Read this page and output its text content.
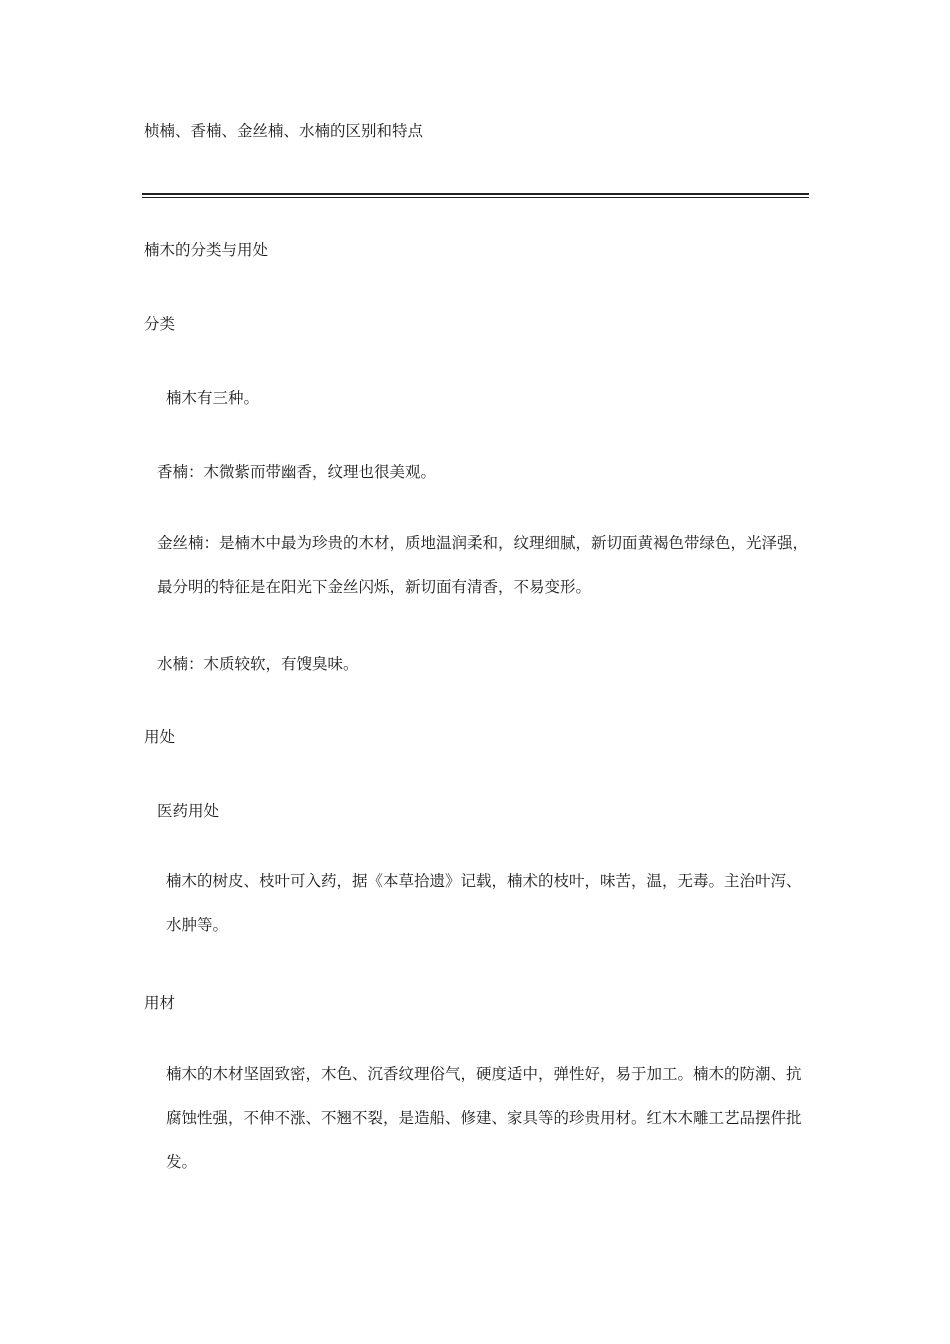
桢楠、香楠、金丝楠、水楠的区别和特点
楠木的分类与用处
分类
楠木有三种。
香楠：木微紫而带幽香，纹理也很美观。
金丝楠：是楠木中最为珍贵的木材，质地温润柔和，纹理细腻，新切面黄褐色带绿色，光泽强，最分明的特征是在阳光下金丝闪烁，新切面有清香，不易变形。
水楠：木质较软，有馊臭味。
用处
医药用处
楠木的树皮、枝叶可入药，据《本草拾遗》记载，楠术的枝叶，味苦，温，无毒。主治叶泻、水肿等。
用材
楠木的木材坚固致密，木色、沉香纹理俗气，硬度适中，弹性好，易于加工。楠木的防潮、抗腐蚀性强，不伸不涨、不翘不裂，是造船、修建、家具等的珍贵用材。红木木雕工艺品摆件批发。
